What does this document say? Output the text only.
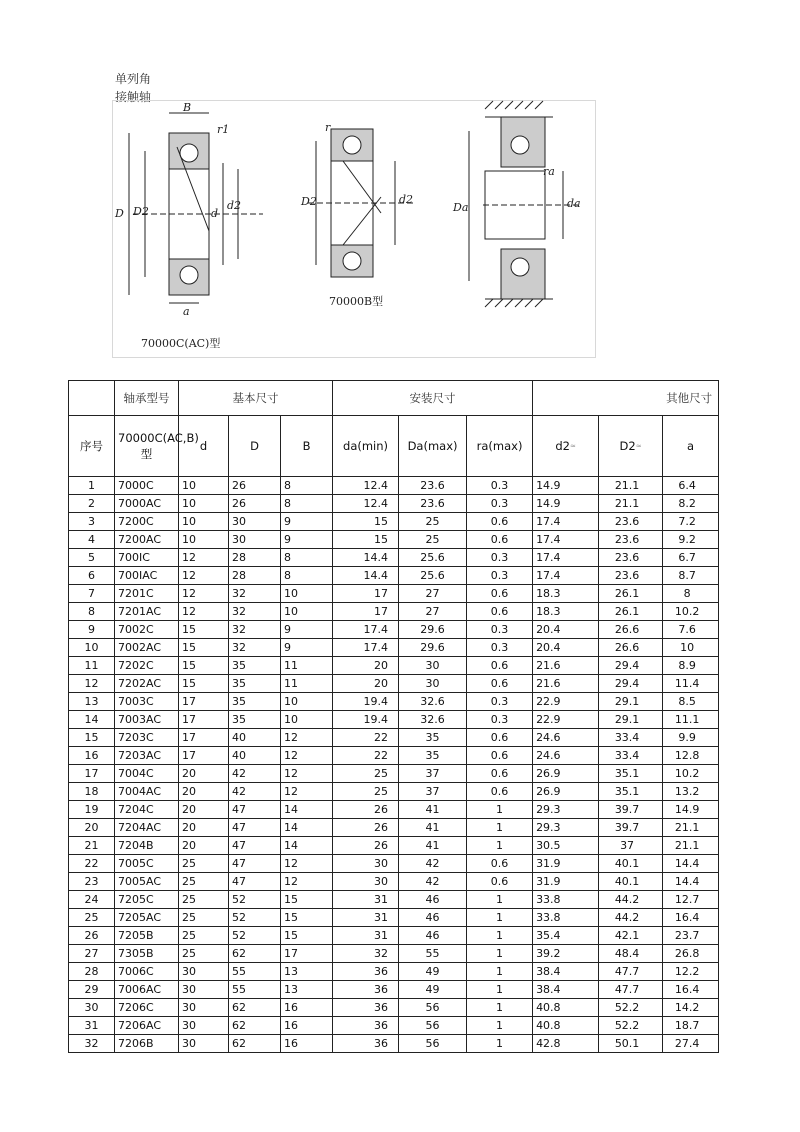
单列角
接触轴
B
r1
D D2	d
d2
a
70000C(AC)型
r
D2	d2
70000B型
Da	da
ra
	轴承型号	基本尺寸			安装尺寸			其他尺寸		
序号	70000C(AC,B)型	d	D	B	da(min)	Da(max)	ra(max)	d2≈	D2≈	a
1	7000C	10	26	8	12.4	23.6	0.3	14.9	21.1	6.4
2	7000AC	10	26	8	12.4	23.6	0.3	14.9	21.1	8.2
3	7200C	10	30	9	15	25	0.6	17.4	23.6	7.2
4	7200AC	10	30	9	15	25	0.6	17.4	23.6	9.2
5	700IC	12	28	8	14.4	25.6	0.3	17.4	23.6	6.7
6	700IAC	12	28	8	14.4	25.6	0.3	17.4	23.6	8.7
7	7201C	12	32	10	17	27	0.6	18.3	26.1	8
8	7201AC	12	32	10	17	27	0.6	18.3	26.1	10.2
9	7002C	15	32	9	17.4	29.6	0.3	20.4	26.6	7.6
10	7002AC	15	32	9	17.4	29.6	0.3	20.4	26.6	10
11	7202C	15	35	11	20	30	0.6	21.6	29.4	8.9
12	7202AC	15	35	11	20	30	0.6	21.6	29.4	11.4
13	7003C	17	35	10	19.4	32.6	0.3	22.9	29.1	8.5
14	7003AC	17	35	10	19.4	32.6	0.3	22.9	29.1	11.1
15	7203C	17	40	12	22	35	0.6	24.6	33.4	9.9
16	7203AC	17	40	12	22	35	0.6	24.6	33.4	12.8
17	7004C	20	42	12	25	37	0.6	26.9	35.1	10.2
18	7004AC	20	42	12	25	37	0.6	26.9	35.1	13.2
19	7204C	20	47	14	26	41	1	29.3	39.7	14.9
20	7204AC	20	47	14	26	41	1	29.3	39.7	21.1
21	7204B	20	47	14	26	41	1	30.5	37	21.1
22	7005C	25	47	12	30	42	0.6	31.9	40.1	14.4
23	7005AC	25	47	12	30	42	0.6	31.9	40.1	14.4
24	7205C	25	52	15	31	46	1	33.8	44.2	12.7
25	7205AC	25	52	15	31	46	1	33.8	44.2	16.4
26	7205B	25	52	15	31	46	1	35.4	42.1	23.7
27	7305B	25	62	17	32	55	1	39.2	48.4	26.8
28	7006C	30	55	13	36	49	1	38.4	47.7	12.2
29	7006AC	30	55	13	36	49	1	38.4	47.7	16.4
30	7206C	30	62	16	36	56	1	40.8	52.2	14.2
31	7206AC	30	62	16	36	56	1	40.8	52.2	18.7
32	7206B	30	62	16	36	56	1	42.8	50.1	27.4
